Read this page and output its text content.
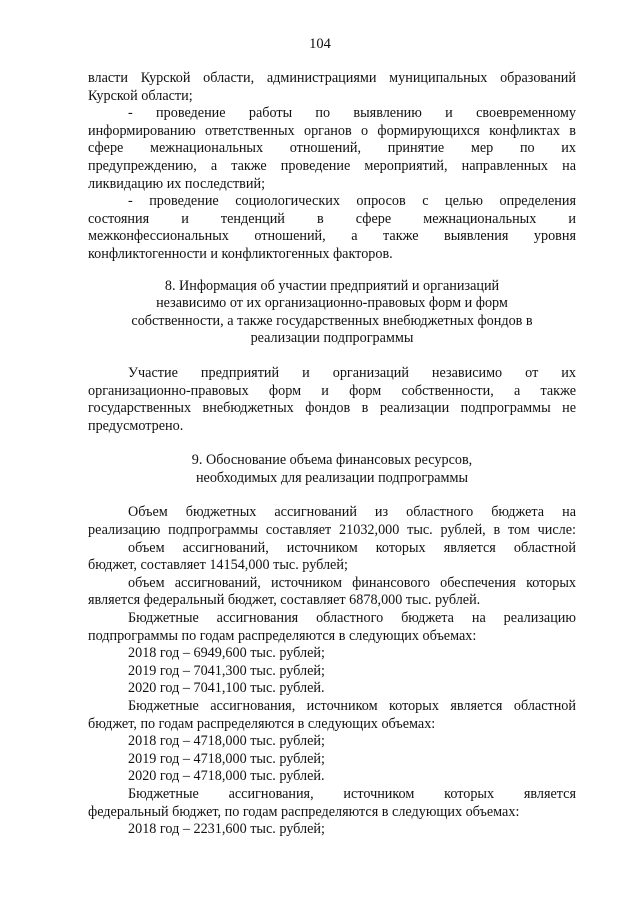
104
власти Курской области, администрациями муниципальных образований
Курской области;
- проведение работы по выявлению и своевременному
информированию ответственных органов о формирующихся конфликтах в
сфере межнациональных отношений, принятие мер по их
предупреждению, а также проведение мероприятий, направленных на
ликвидацию их последствий;
- проведение социологических опросов с целью определения
состояния и тенденций в сфере межнациональных и
межконфессиональных отношений, а также выявления уровня
конфликтогенности и конфликтогенных факторов.
8. Информация об участии предприятий и организаций
независимо от их организационно-правовых форм и форм
собственности, а также государственных внебюджетных фондов в
реализации подпрограммы
Участие предприятий и организаций независимо от их
организационно-правовых форм и форм собственности, а также
государственных внебюджетных фондов в реализации подпрограммы не
предусмотрено.
9. Обоснование объема финансовых ресурсов,
необходимых для реализации подпрограммы
Объем бюджетных ассигнований из областного бюджета на
реализацию подпрограммы составляет 21032,000 тыс. рублей, в том числе:
объем ассигнований, источником которых является областной
бюджет, составляет 14154,000 тыс. рублей;
объем ассигнований, источником финансового обеспечения которых
является федеральный бюджет, составляет 6878,000 тыс. рублей.
Бюджетные ассигнования областного бюджета на реализацию
подпрограммы по годам распределяются в следующих объемах:
2018 год – 6949,600 тыс. рублей;
2019 год – 7041,300 тыс. рублей;
2020 год – 7041,100 тыс. рублей.
Бюджетные ассигнования, источником которых является областной
бюджет, по годам распределяются в следующих объемах:
2018 год – 4718,000 тыс. рублей;
2019 год – 4718,000 тыс. рублей;
2020 год – 4718,000 тыс. рублей.
Бюджетные ассигнования, источником которых является
федеральный бюджет, по годам распределяются в следующих объемах:
2018 год – 2231,600 тыс. рублей;
